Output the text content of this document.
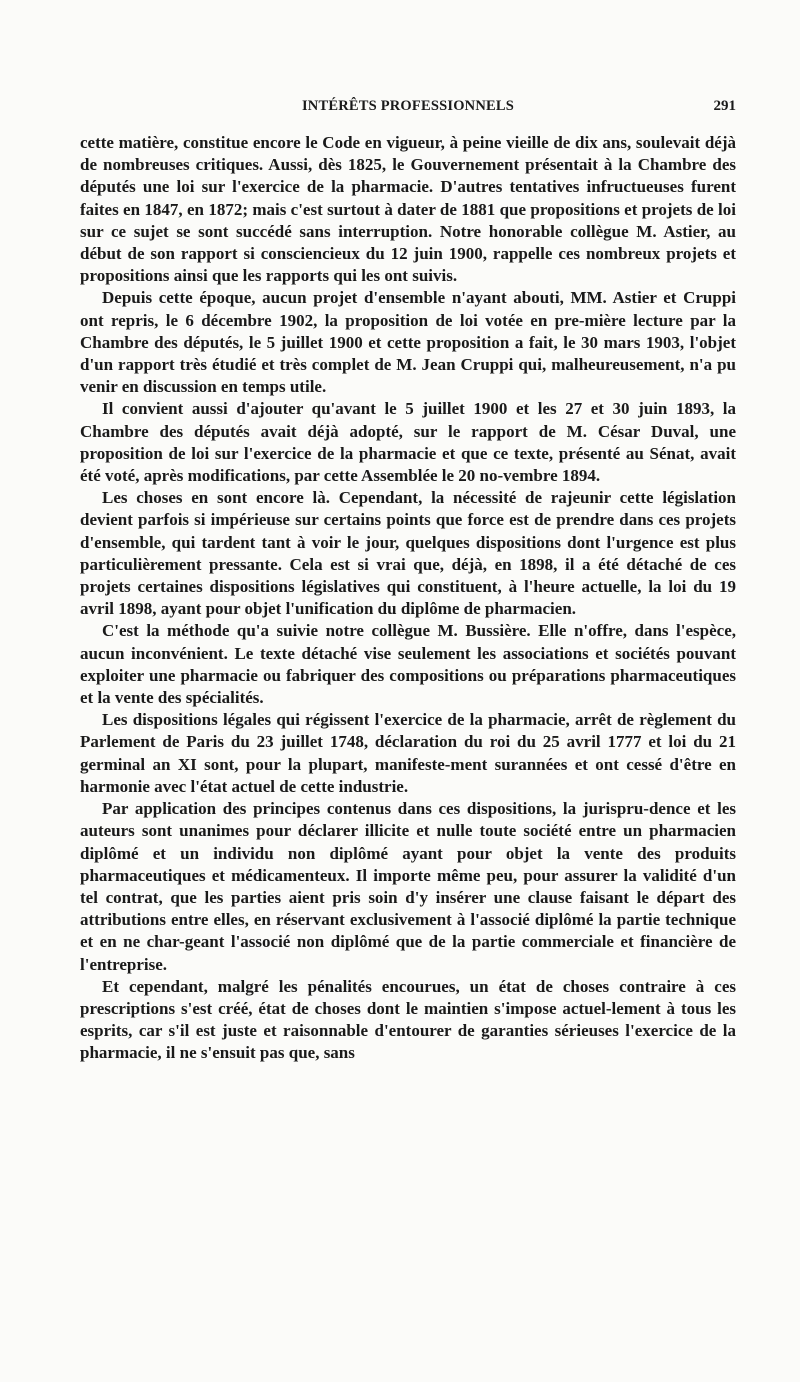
INTÉRÊTS PROFESSIONNELS	291

cette matière, constitue encore le Code en vigueur, à peine vieille de dix ans, soulevait déjà de nombreuses critiques. Aussi, dès 1825, le Gouvernement présentait à la Chambre des députés une loi sur l'exercice de la pharmacie. D'autres tentatives infructueuses furent faites en 1847, en 1872; mais c'est surtout à dater de 1881 que propositions et projets de loi sur ce sujet se sont succédé sans interruption. Notre honorable collègue M. Astier, au début de son rapport si consciencieux du 12 juin 1900, rappelle ces nombreux projets et propositions ainsi que les rapports qui les ont suivis.

Depuis cette époque, aucun projet d'ensemble n'ayant abouti, MM. Astier et Cruppi ont repris, le 6 décembre 1902, la proposition de loi votée en pre-mière lecture par la Chambre des députés, le 5 juillet 1900 et cette proposition a fait, le 30 mars 1903, l'objet d'un rapport très étudié et très complet de M. Jean Cruppi qui, malheureusement, n'a pu venir en discussion en temps utile.

Il convient aussi d'ajouter qu'avant le 5 juillet 1900 et les 27 et 30 juin 1893, la Chambre des députés avait déjà adopté, sur le rapport de M. César Duval, une proposition de loi sur l'exercice de la pharmacie et que ce texte, présenté au Sénat, avait été voté, après modifications, par cette Assemblée le 20 no-vembre 1894.

Les choses en sont encore là. Cependant, la nécessité de rajeunir cette législation devient parfois si impérieuse sur certains points que force est de prendre dans ces projets d'ensemble, qui tardent tant à voir le jour, quelques dispositions dont l'urgence est plus particulièrement pressante. Cela est si vrai que, déjà, en 1898, il a été détaché de ces projets certaines dispositions législatives qui constituent, à l'heure actuelle, la loi du 19 avril 1898, ayant pour objet l'unification du diplôme de pharmacien.

C'est la méthode qu'a suivie notre collègue M. Bussière. Elle n'offre, dans l'espèce, aucun inconvénient. Le texte détaché vise seulement les associations et sociétés pouvant exploiter une pharmacie ou fabriquer des compositions ou préparations pharmaceutiques et la vente des spécialités.

Les dispositions légales qui régissent l'exercice de la pharmacie, arrêt de règlement du Parlement de Paris du 23 juillet 1748, déclaration du roi du 25 avril 1777 et loi du 21 germinal an XI sont, pour la plupart, manifeste-ment surannées et ont cessé d'être en harmonie avec l'état actuel de cette industrie.

Par application des principes contenus dans ces dispositions, la jurispru-dence et les auteurs sont unanimes pour déclarer illicite et nulle toute société entre un pharmacien diplômé et un individu non diplômé ayant pour objet la vente des produits pharmaceutiques et médicamenteux. Il importe même peu, pour assurer la validité d'un tel contrat, que les parties aient pris soin d'y insérer une clause faisant le départ des attributions entre elles, en réservant exclusivement à l'associé diplômé la partie technique et en ne char-geant l'associé non diplômé que de la partie commerciale et financière de l'entreprise.

Et cependant, malgré les pénalités encourues, un état de choses contraire à ces prescriptions s'est créé, état de choses dont le maintien s'impose actuel-lement à tous les esprits, car s'il est juste et raisonnable d'entourer de garanties sérieuses l'exercice de la pharmacie, il ne s'ensuit pas que, sans
